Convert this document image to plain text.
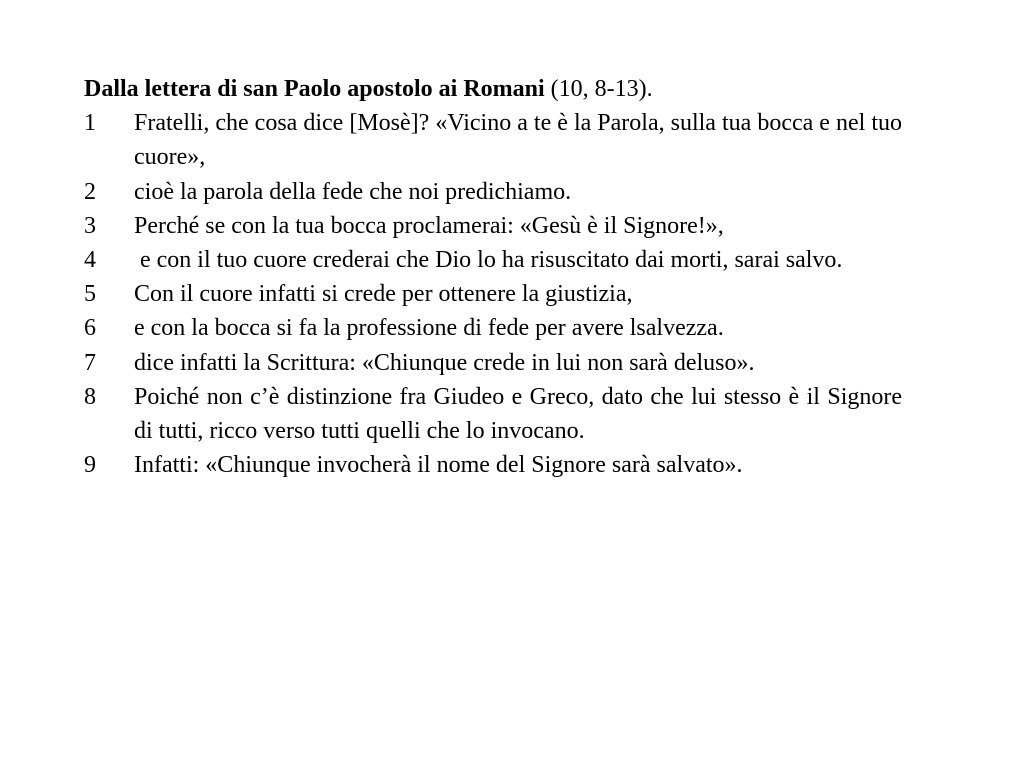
Dalla lettera di san Paolo apostolo ai Romani (10, 8-13).

1	Fratelli, che cosa dice [Mosè]? «Vicino a te è la Parola, sulla tua bocca e nel tuo cuore»,
2	cioè la parola della fede che noi predichiamo.
3	Perché se con la tua bocca proclamerai: «Gesù è il Signore!»,
4	e con il tuo cuore crederai che Dio lo ha risuscitato dai morti, sarai salvo.
5	Con il cuore infatti si crede per ottenere la giustizia,
6	e con la bocca si fa la professione di fede per avere lsalvezza.
7	dice infatti la Scrittura: «Chiunque crede in lui non sarà deluso».
8	Poiché non c’è distinzione fra Giudeo e Greco, dato che lui stesso è il Signore di tutti, ricco verso tutti quelli che lo invocano.
9	Infatti: «Chiunque invocherà il nome del Signore sarà salvato».
